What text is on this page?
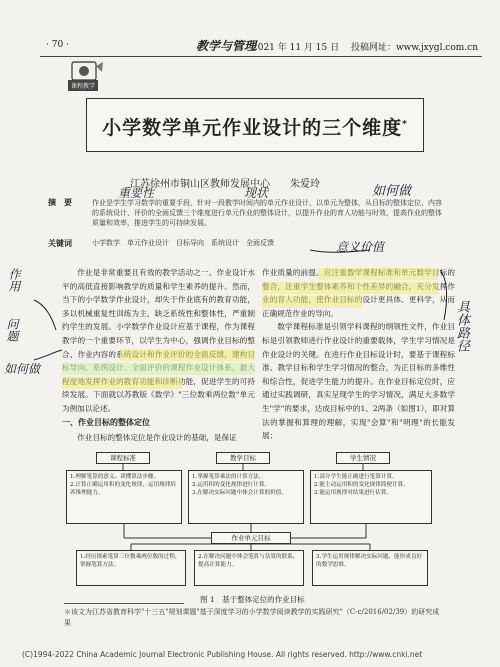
· 70 ·	教学与管理
2021 年 11 月 15 日 投稿网址：www.jxygl.com.cn
课程教学
小学数学单元作业设计的三个维度*
江苏徐州市铜山区教师发展中心　　朱爱玲
摘　要	作业是学生学习数学的重要手段，针对一段教学时间内的单元作业设计，以单元为整体，从目标的整体定位、内容的系统设计、评价的全面反馈三个维度进行单元作业的整体设计，以提升作业的育人功能与时效，提高作业的整体质量和效率，推进学生的可持续发展。
关键词	小学数学　单元作业设计　目标导向　系统设计　全面反馈

作业是非常重要且有效的教学活动之一。作业设计水平的高低直接影响教学的质量和学生素养的提升。然而，当下的小学数学作业设计，却失于作业底有的教育功能，多以机械重复性训练为主，缺乏系统性和整体性，严重制约学生的发展。小学数学作业设计应基于课程，作为课程教学的一个重要环节，以学生为中心，强调作业目标的整合、作业内容的系统设计和作业评价的全面反馈，建构目 程度地发挥作业的教育功能和诊断功能，促进学生的可持续发展。下面就以苏教版《数学》"三位数乘两位数"单元为例加以论述。

一、作业目标的整体定位

作业目标的整体定位是作业设计的基础，是保证

作业质量的前提。应注重数学课程标准和单元数学目标的整合，注重学生整体素养和个性差异的融合，充分发挥作业的育人功能，使作业目标的设计更具体、更科学，从而正确规范作业的导向。

数学课程标准是引领学科课程的纲领性文件，作业目标是引领教师进行作业设计的重要载体，学生学习情况是作业设计的关键。在进行作业目标设计时，要基于课程标准、教学目标和学生学习情况的整合，为正目标的多维性和综合性，促进学生能力的提升。在作业目标定位时，应通过实践调研，真实呈现学生的学习情况，满足大多数学生"学"的要求，达成目标中的1、2两条（如图1），即对算法的掌握和算理的理解，实现"会算"和"明理"的长能发展；

课程标准	教学目标	学生情况
1.理解笔算的意义、读懂算法步骤。
2.计算正确运用积的变化规律，运用规律培养推理能力。
1.掌握笔算乘法的计算方法。
2.运用积的变化规律进行计算。
3.在解决实际问题中体会计算的价值。
1.部分学生能正确进行笔算计算。
2.能主动运用积的变化规律简便计算。
3.能运用规律对结果进行估算。
作业单元目标
1.经历探索笔算三位数乘两位数的过程，掌握笔算方法。
2.在解决问题中体会笔算与估算的联系，提高计算能力。
3.学生运用规律解决实际问题，能形成良好的数学思维。
图 1　基于整体定位的作业目标
＊该文为江苏省教育科学"十三五"规划课题"基于深度学习的小学数学阅读教学的实践研究"（C-c/2016/02/39）的研究成果
(C)1994-2022 China Academic Journal Electronic Publishing House. All rights reserved. http://www.cnki.net
重要性	现状	如何做
意义价值
作用
问题
如何做
具体路径
